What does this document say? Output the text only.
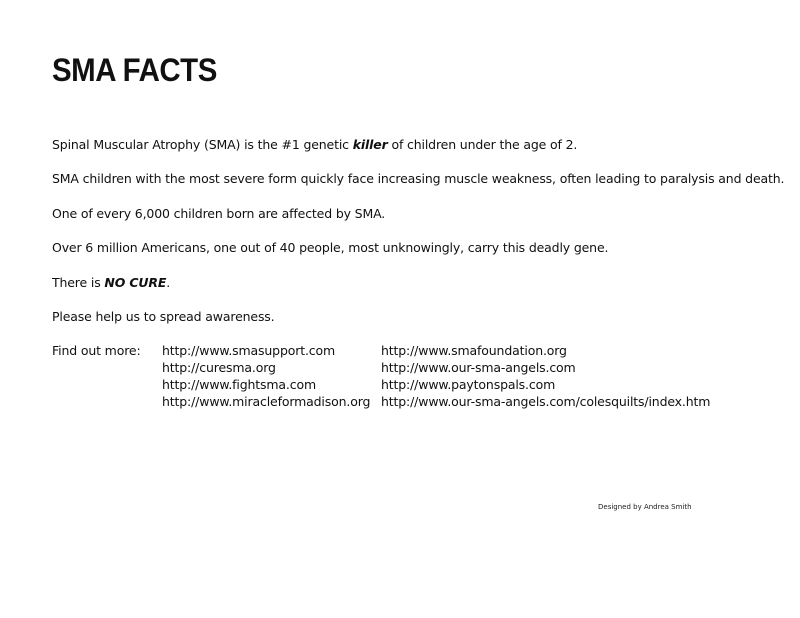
SMA FACTS

Spinal Muscular Atrophy (SMA) is the #1 genetic killer of children under the age of 2.

SMA children with the most severe form quickly face increasing muscle weakness, often leading to paralysis and death.

One of every 6,000 children born are affected by SMA.

Over 6 million Americans, one out of 40 people, most unknowingly, carry this deadly gene.

There is NO CURE.

Please help us to spread awareness.

Find out more: http://www.smasupport.com
http://curesma.org
http://www.fightsma.com
http://www.miracleformadison.org
http://www.smafoundation.org
http://www.our-sma-angels.com
http://www.paytonspals.com
http://www.our-sma-angels.com/colesquilts/index.htm
Designed by Andrea Smith
